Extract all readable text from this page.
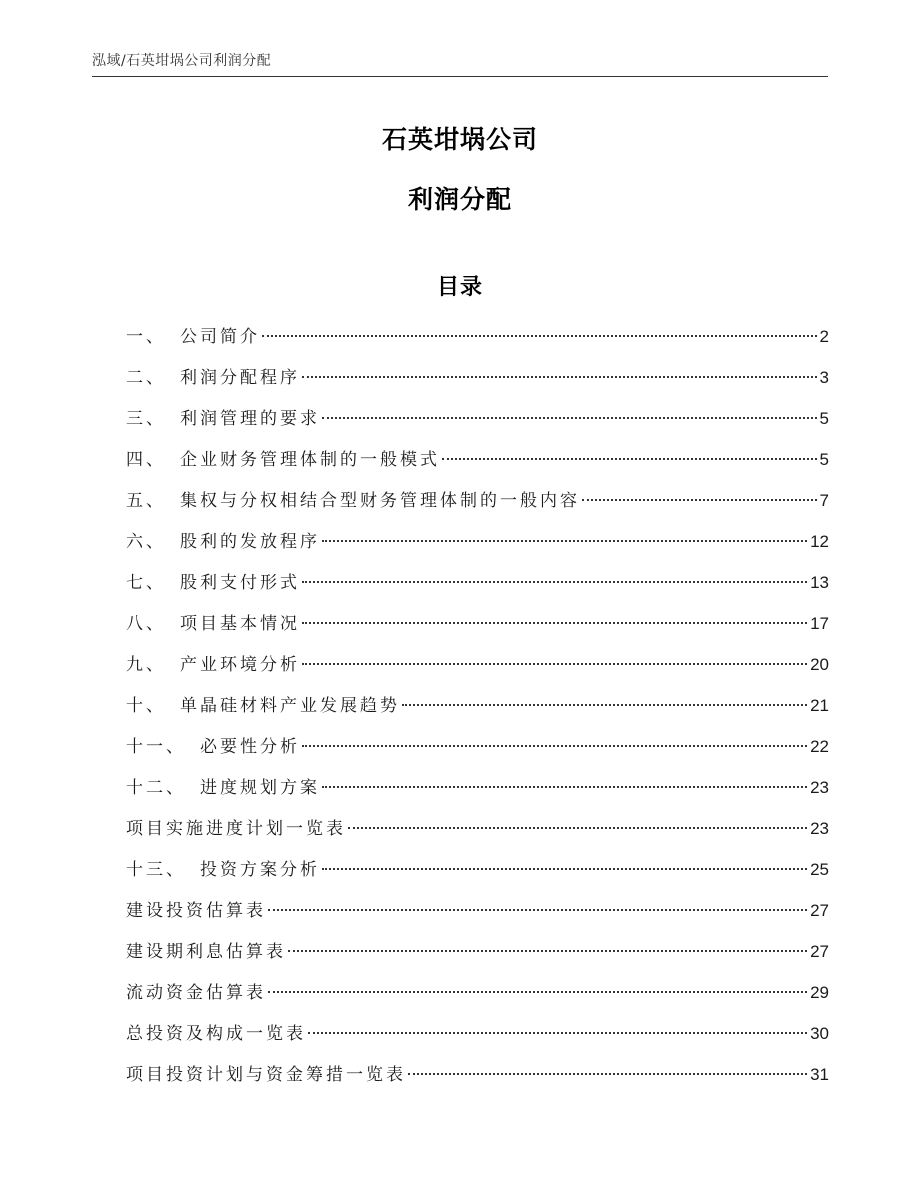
泓域/石英坩埚公司利润分配
石英坩埚公司
利润分配
目录
一、 公司简介	2
二、 利润分配程序	3
三、 利润管理的要求	5
四、 企业财务管理体制的一般模式	5
五、 集权与分权相结合型财务管理体制的一般内容	7
六、 股利的发放程序	12
七、 股利支付形式	13
八、 项目基本情况	17
九、 产业环境分析	20
十、 单晶硅材料产业发展趋势	21
十一、 必要性分析	22
十二、 进度规划方案	23
项目实施进度计划一览表	23
十三、 投资方案分析	25
建设投资估算表	27
建设期利息估算表	27
流动资金估算表	29
总投资及构成一览表	30
项目投资计划与资金筹措一览表	31
